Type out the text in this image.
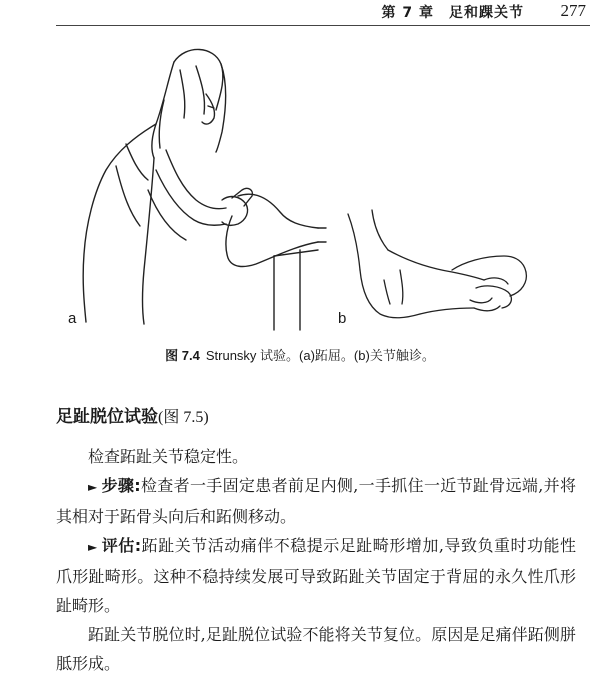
第 7 章　足和踝关节 277
a	b
图 7.4 Strunsky 试验。(a)跖屈。(b)关节触诊。
足趾脱位试验(图 7.5)

检查跖趾关节稳定性。

► 步骤:检查者一手固定患者前足内侧,一手抓住一近节趾骨远端,并将其相对于跖骨头向后和跖侧移动。

► 评估:跖趾关节活动痛伴不稳提示足趾畸形增加,导致负重时功能性爪形趾畸形。这种不稳持续发展可导致跖趾关节固定于背屈的永久性爪形趾畸形。

跖趾关节脱位时,足趾脱位试验不能将关节复位。原因是足痛伴跖侧胼胝形成。
